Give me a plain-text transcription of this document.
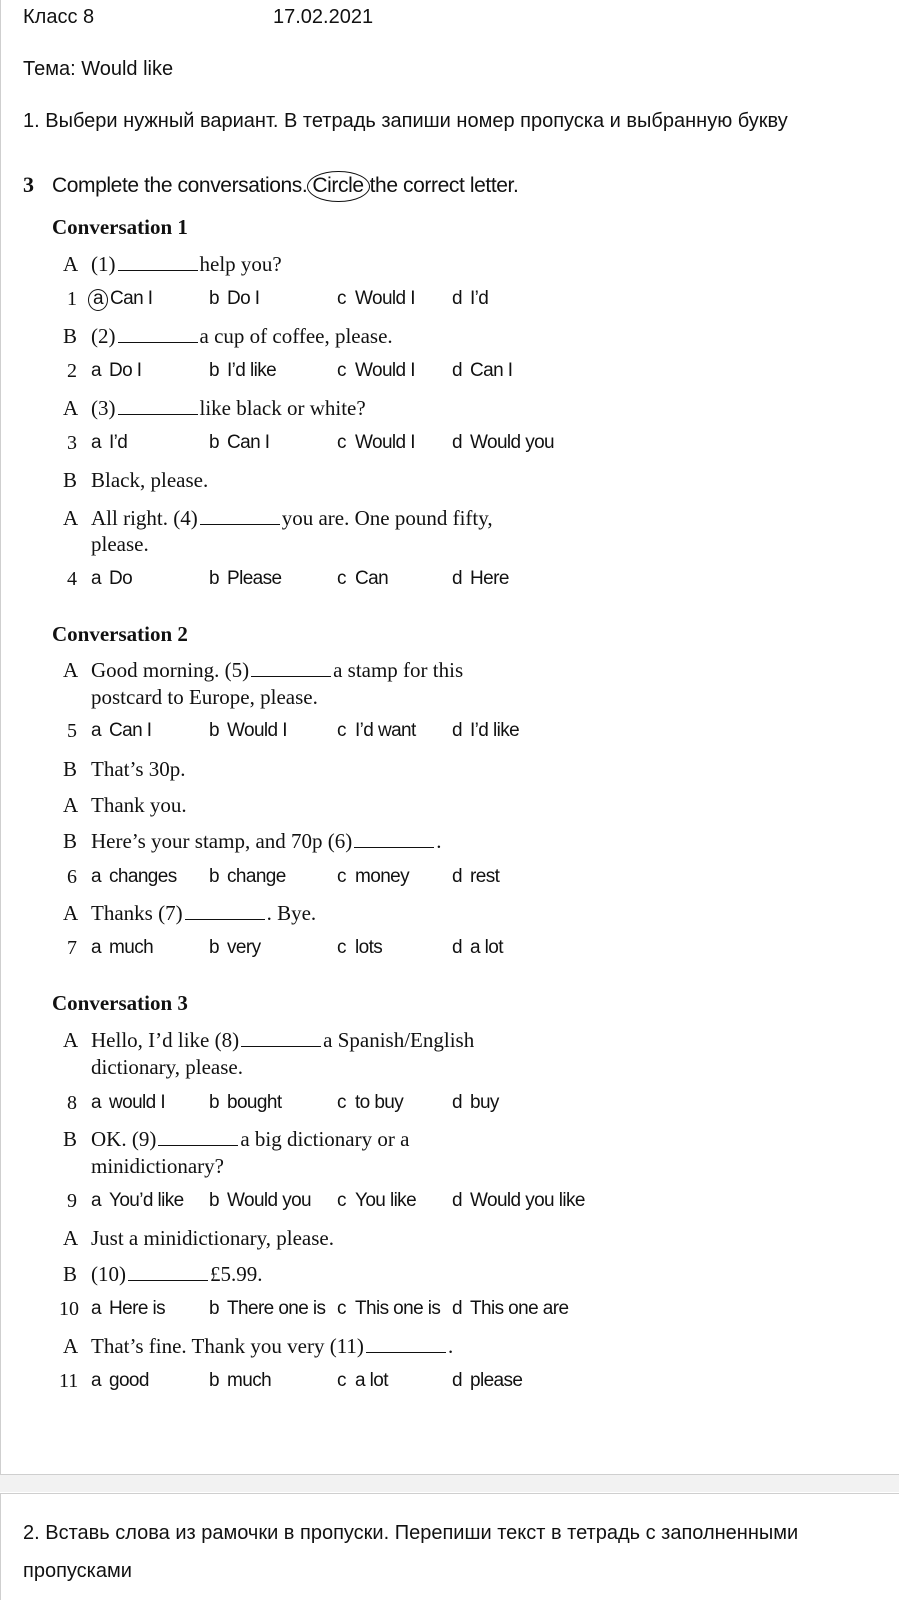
Класс 8	17.02.2021
Тема: Would like
1. Выбери нужный вариант. В тетрадь запиши номер пропуска и выбранную букву
3 Complete the conversations. Circle the correct letter.
Conversation 1
A (1)	help you?
1 a Can I	b Do I	c Would I d I’d
B (2)	a cup of coffee, please.
2 a Do I	b I’d like	c Would I d Can I
A (3)	like black or white?
3 a I’d	b Can I	c Would I d Would you
B Black, please.
A All right. (4)	you are. One pound fifty,
please.
4 a Do	b Please	c Can	d Here
Conversation 2
A Good morning. (5)	a stamp for this
postcard to Europe, please.
5 a Can I	b Would I	c I’d want d I’d like
B That’s 30p.
A Thank you.
B Here’s your stamp, and 70p (6)	.
6 a changes b change	c money d rest
A Thanks (7)	. Bye.
7 a much	b very	c lots	d a lot
Conversation 3
A Hello, I’d like (8)	a Spanish/English
dictionary, please.
8 a would I b bought	c to buy	d buy
B OK. (9)	a big dictionary or a
minidictionary?
9 a You’d like b Would you c You like d Would you like
A Just a minidictionary, please.
B (10)	£5.99.
10 a Here is b There one is c This one is d This one are
A That’s fine. Thank you very (11)	.
11 a good	b much	c a lot	d please
2. Вставь слова из рамочки в пропуски. Перепиши текст в тетрадь с заполненными
пропусками
